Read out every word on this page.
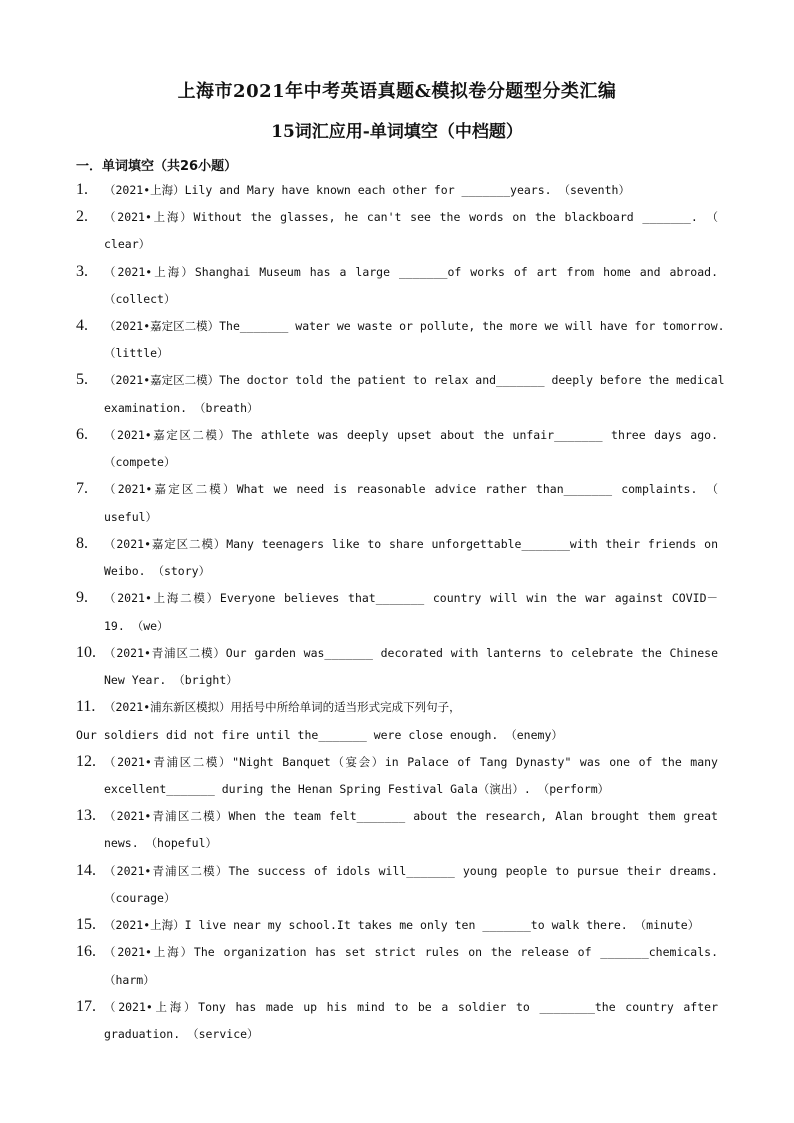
上海市2021年中考英语真题&模拟卷分题型分类汇编
15词汇应用-单词填空（中档题）
一．单词填空（共26小题）
1.	（2021•上海）Lily and Mary have known each other for _______years. （seventh）
2.	（2021•上海）Without the glasses, he can't see the words on the blackboard _______. （
clear）
3.	（2021•上海）Shanghai Museum has a large _______of works of art from home and abroad.
（collect）
4.	（2021•嘉定区二模）The_______ water we waste or pollute, the more we will have for tomorrow.
（little）
5.	（2021•嘉定区二模）The doctor told the patient to relax and_______ deeply before the medical
examination. （breath）
6.	（2021•嘉定区二模）The athlete was deeply upset about the unfair_______ three days ago.
（compete）
7.	（2021•嘉定区二模）What we need is reasonable advice rather than_______ complaints. （
useful）
8.	（2021•嘉定区二模）Many teenagers like to share unforgettable_______with their friends on
Weibo. （story）
9.	（2021•上海二模）Everyone believes that_______ country will win the war against COVID－
19. （we）
10. （2021•青浦区二模）Our garden was_______ decorated with lanterns to celebrate the Chinese
New Year. （bright）
11. （2021•浦东新区模拟）用括号中所给单词的适当形式完成下列句子，
Our soldiers did not fire until the_______ were close enough. （enemy）
12. （2021•青浦区二模）"Night Banquet（宴会）in Palace of Tang Dynasty" was one of the many
excellent_______ during the Henan Spring Festival Gala（演出）. （perform）
13. （2021•青浦区二模）When the team felt_______ about the research, Alan brought them great
news. （hopeful）
14. （2021•青浦区二模）The success of idols will_______ young people to pursue their dreams.
（courage）
15. （2021•上海）I live near my school.It takes me only ten _______to walk there. （minute）
16. （2021•上海）The organization has set strict rules on the release of _______chemicals.
（harm）
17. （2021•上海）Tony has made up his mind to be a soldier to ________the country after
graduation. （service）
